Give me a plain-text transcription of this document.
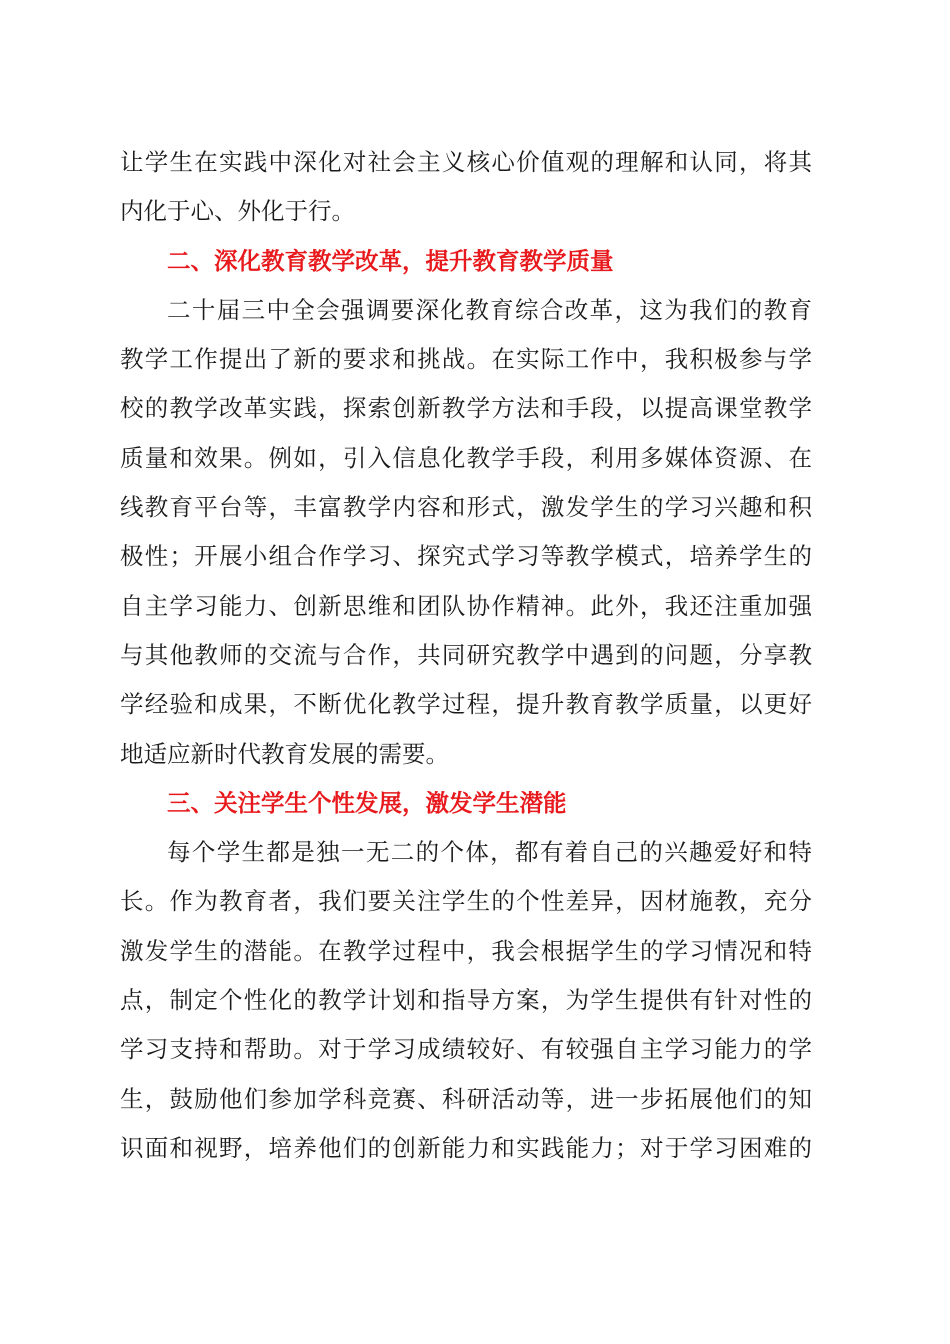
让学生在实践中深化对社会主义核心价值观的理解和认同，将其
内化于心、外化于行。
二、深化教育教学改革，提升教育教学质量
二十届三中全会强调要深化教育综合改革，这为我们的教育
教学工作提出了新的要求和挑战。在实际工作中，我积极参与学
校的教学改革实践，探索创新教学方法和手段，以提高课堂教学
质量和效果。例如，引入信息化教学手段，利用多媒体资源、在
线教育平台等，丰富教学内容和形式，激发学生的学习兴趣和积
极性；开展小组合作学习、探究式学习等教学模式，培养学生的
自主学习能力、创新思维和团队协作精神。此外，我还注重加强
与其他教师的交流与合作，共同研究教学中遇到的问题，分享教
学经验和成果，不断优化教学过程，提升教育教学质量，以更好
地适应新时代教育发展的需要。
三、关注学生个性发展，激发学生潜能
每个学生都是独一无二的个体，都有着自己的兴趣爱好和特
长。作为教育者，我们要关注学生的个性差异，因材施教，充分
激发学生的潜能。在教学过程中，我会根据学生的学习情况和特
点，制定个性化的教学计划和指导方案，为学生提供有针对性的
学习支持和帮助。对于学习成绩较好、有较强自主学习能力的学
生，鼓励他们参加学科竞赛、科研活动等，进一步拓展他们的知
识面和视野，培养他们的创新能力和实践能力；对于学习困难的
